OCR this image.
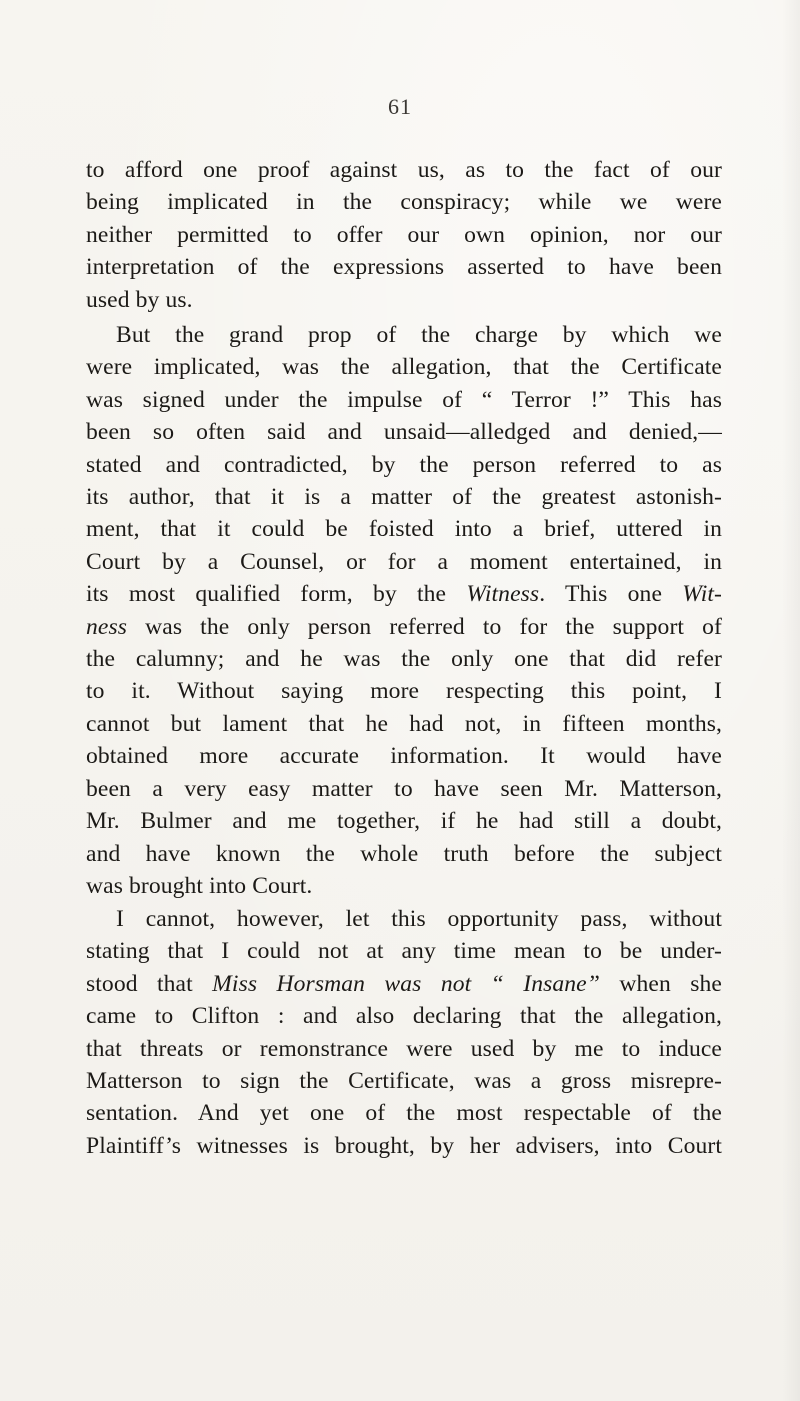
61
to afford one proof against us, as to the fact of our
being implicated in the conspiracy; while we were
neither permitted to offer our own opinion, nor our
interpretation of the expressions asserted to have been
used by us.
But the grand prop of the charge by which we
were implicated, was the allegation, that the Certificate
was signed under the impulse of “ Terror !” This has
been so often said and unsaid—alledged and denied,—
stated and contradicted, by the person referred to as
its author, that it is a matter of the greatest astonish-
ment, that it could be foisted into a brief, uttered in
Court by a Counsel, or for a moment entertained, in
its most qualified form, by the Witness. This one Wit-
ness was the only person referred to for the support of
the calumny; and he was the only one that did refer
to it. Without saying more respecting this point, I
cannot but lament that he had not, in fifteen months,
obtained more accurate information. It would have
been a very easy matter to have seen Mr. Matterson,
Mr. Bulmer and me together, if he had still a doubt,
and have known the whole truth before the subject
was brought into Court.
I cannot, however, let this opportunity pass, without
stating that I could not at any time mean to be under-
stood that Miss Horsman was not “ Insane” when she
came to Clifton : and also declaring that the allegation,
that threats or remonstrance were used by me to induce
Matterson to sign the Certificate, was a gross misrepre-
sentation. And yet one of the most respectable of the
Plaintiff’s witnesses is brought, by her advisers, into Court
